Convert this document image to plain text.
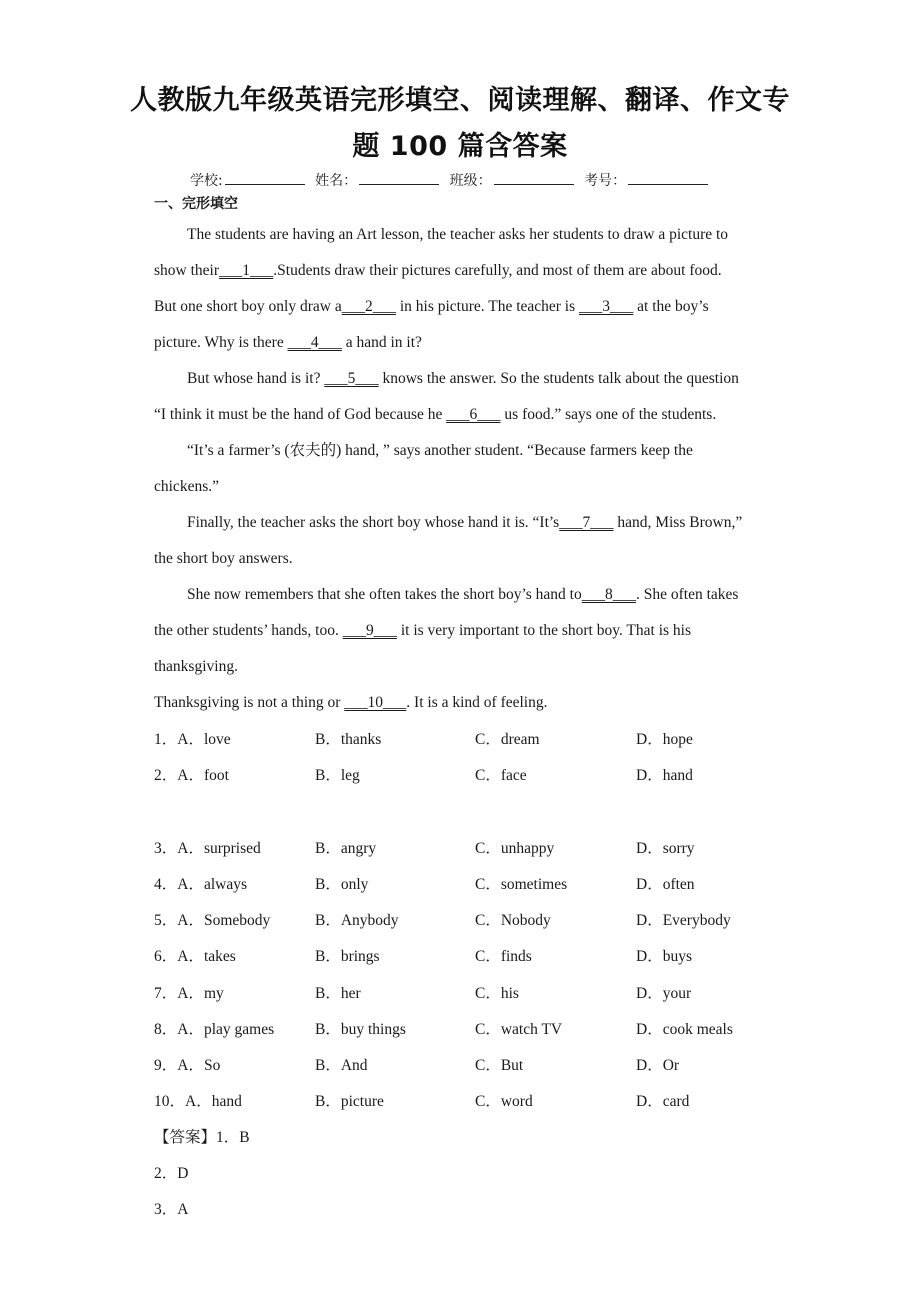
人教版九年级英语完形填空、阅读理解、翻译、作文专
题 100 篇含答案
学校:	姓名：	班级：	考号：
一、完形填空
The students are having an Art lesson, the teacher asks her students to draw a picture to
show their___1___.Students draw their pictures carefully, and most of them are about food.
But one short boy only draw a___2___ in his picture. The teacher is ___3___ at the boy’s
picture. Why is there ___4___ a hand in it?
But whose hand is it? ___5___ knows the answer. So the students talk about the question
“I think it must be the hand of God because he ___6___ us food.” says one of the students.
“It’s a farmer’s (农夫的) hand, ” says another student. “Because farmers keep the
chickens.”
Finally, the teacher asks the short boy whose hand it is. “It’s___7___ hand, Miss Brown,”
the short boy answers.
She now remembers that she often takes the short boy’s hand to___8___. She often takes
the other students’ hands, too. ___9___ it is very important to the short boy. That is his
thanksgiving.
Thanksgiving is not a thing or ___10___. It is a kind of feeling.
1．A．love	B．thanks	C．dream	D．hope
2．A．foot	B．leg	C．face	D．hand
3．A．surprised	B．angry	C．unhappy	D．sorry
4．A．always	B．only	C．sometimes	D．often
5．A．Somebody	B．Anybody	C．Nobody	D．Everybody
6．A．takes	B．brings	C．finds	D．buys
7．A．my	B．her	C．his	D．your
8．A．play games	B．buy things	C．watch TV	D．cook meals
9．A．So	B．And	C．But	D．Or
10．A．hand	B．picture	C．word	D．card
【答案】1．B
2．D
3．A
